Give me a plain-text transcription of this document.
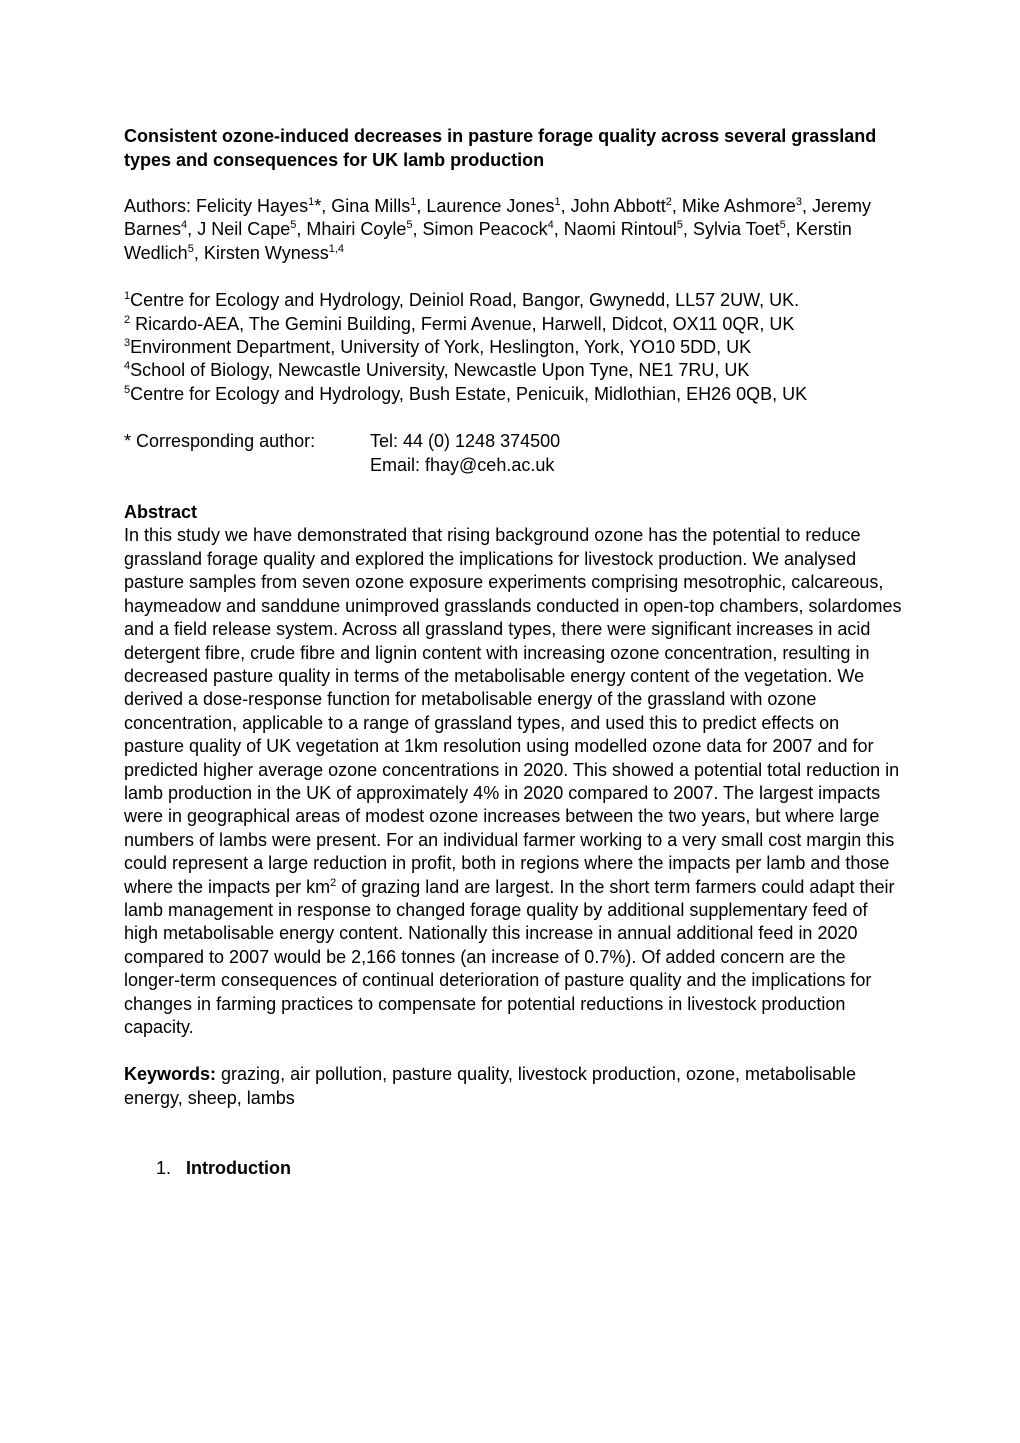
Consistent ozone-induced decreases in pasture forage quality across several grassland types and consequences for UK lamb production

Authors: Felicity Hayes$^1$*, Gina Mills$^1$, Laurence Jones$^1$, John Abbott$^2$, Mike Ashmore$^3$, Jeremy Barnes$^4$, J Neil Cape$^5$, Mhairi Coyle$^5$, Simon Peacock$^4$, Naomi Rintoul$^5$, Sylvia Toet$^5$, Kerstin Wedlich$^5$, Kirsten Wyness$^{1,4}$

$^1$Centre for Ecology and Hydrology, Deiniol Road, Bangor, Gwynedd, LL57 2UW, UK.

$^2$ Ricardo-AEA, The Gemini Building, Fermi Avenue, Harwell, Didcot, OX11 0QR, UK

$^3$Environment Department, University of York, Heslington, York, YO10 5DD, UK

$^4$School of Biology, Newcastle University, Newcastle Upon Tyne, NE1 7RU, UK

$^5$Centre for Ecology and Hydrology, Bush Estate, Penicuik, Midlothian, EH26 0QB, UK

* Corresponding author:	Tel: 44 (0) 1248 374500
Email: fhay@ceh.ac.uk
Abstract

In this study we have demonstrated that rising background ozone has the potential to reduce grassland forage quality and explored the implications for livestock production. We analysed pasture samples from seven ozone exposure experiments comprising mesotrophic, calcareous, haymeadow and sanddune unimproved grasslands conducted in open-top chambers, solardomes and a field release system. Across all grassland types, there were significant increases in acid detergent fibre, crude fibre and lignin content with increasing ozone concentration, resulting in decreased pasture quality in terms of the metabolisable energy content of the vegetation. We derived a dose-response function for metabolisable energy of the grassland with ozone concentration, applicable to a range of grassland types, and used this to predict effects on pasture quality of UK vegetation at 1km resolution using modelled ozone data for 2007 and for predicted higher average ozone concentrations in 2020. This showed a potential total reduction in lamb production in the UK of approximately 4% in 2020 compared to 2007. The largest impacts were in geographical areas of modest ozone increases between the two years, but where large numbers of lambs were present. For an individual farmer working to a very small cost margin this could represent a large reduction in profit, both in regions where the impacts per lamb and those where the impacts per $km^2$ of grazing land are largest. In the short term farmers could adapt their lamb management in response to changed forage quality by additional supplementary feed of high metabolisable energy content. Nationally this increase in annual additional feed in 2020 compared to 2007 would be 2,166 tonnes (an increase of 0.7%). Of added concern are the longer-term consequences of continual deterioration of pasture quality and the implications for changes in farming practices to compensate for potential reductions in livestock production capacity.

Keywords: grazing, air pollution, pasture quality, livestock production, ozone, metabolisable energy, sheep, lambs

1. Introduction
